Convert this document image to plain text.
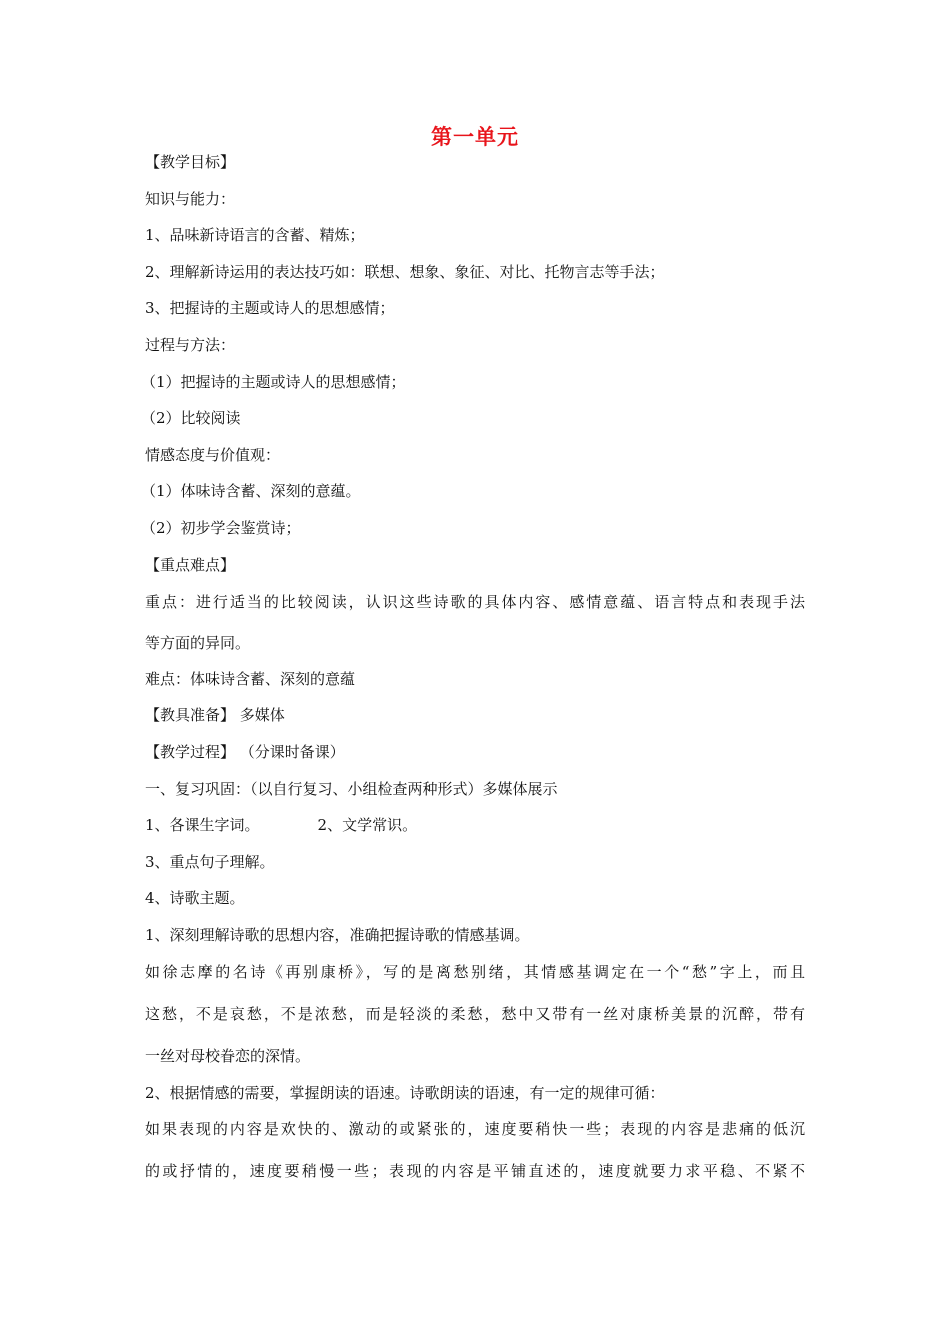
第一单元
【教学目标】
知识与能力：
1、品味新诗语言的含蓄、精炼；
2、理解新诗运用的表达技巧如：联想、想象、象征、对比、托物言志等手法；
3、把握诗的主题或诗人的思想感情；
过程与方法：
（1）把握诗的主题或诗人的思想感情；
（2）比较阅读
情感态度与价值观：
（1）体味诗含蓄、深刻的意蕴。
（2）初步学会鉴赏诗；
【重点难点】
重点：进行适当的比较阅读，认识这些诗歌的具体内容、感情意蕴、语言特点和表现手法
等方面的异同。
难点：体味诗含蓄、深刻的意蕴
【教具准备】 多媒体
【教学过程】 （分课时备课）
一、复习巩固：（以自行复习、小组检查两种形式）多媒体展示
1、各课生字词。	2、文学常识。
3、重点句子理解。
4、诗歌主题。
1、深刻理解诗歌的思想内容，准确把握诗歌的情感基调。
如徐志摩的名诗《再别康桥》，写的是离愁别绪，其情感基调定在一个“愁”字上，而且
这愁，不是哀愁，不是浓愁，而是轻淡的柔愁，愁中又带有一丝对康桥美景的沉醉，带有
一丝对母校眷恋的深情。
2、根据情感的需要，掌握朗读的语速。诗歌朗读的语速，有一定的规律可循：
如果表现的内容是欢快的、激动的或紧张的，速度要稍快一些；表现的内容是悲痛的低沉
的或抒情的，速度要稍慢一些；表现的内容是平铺直述的，速度就要力求平稳、不紧不
